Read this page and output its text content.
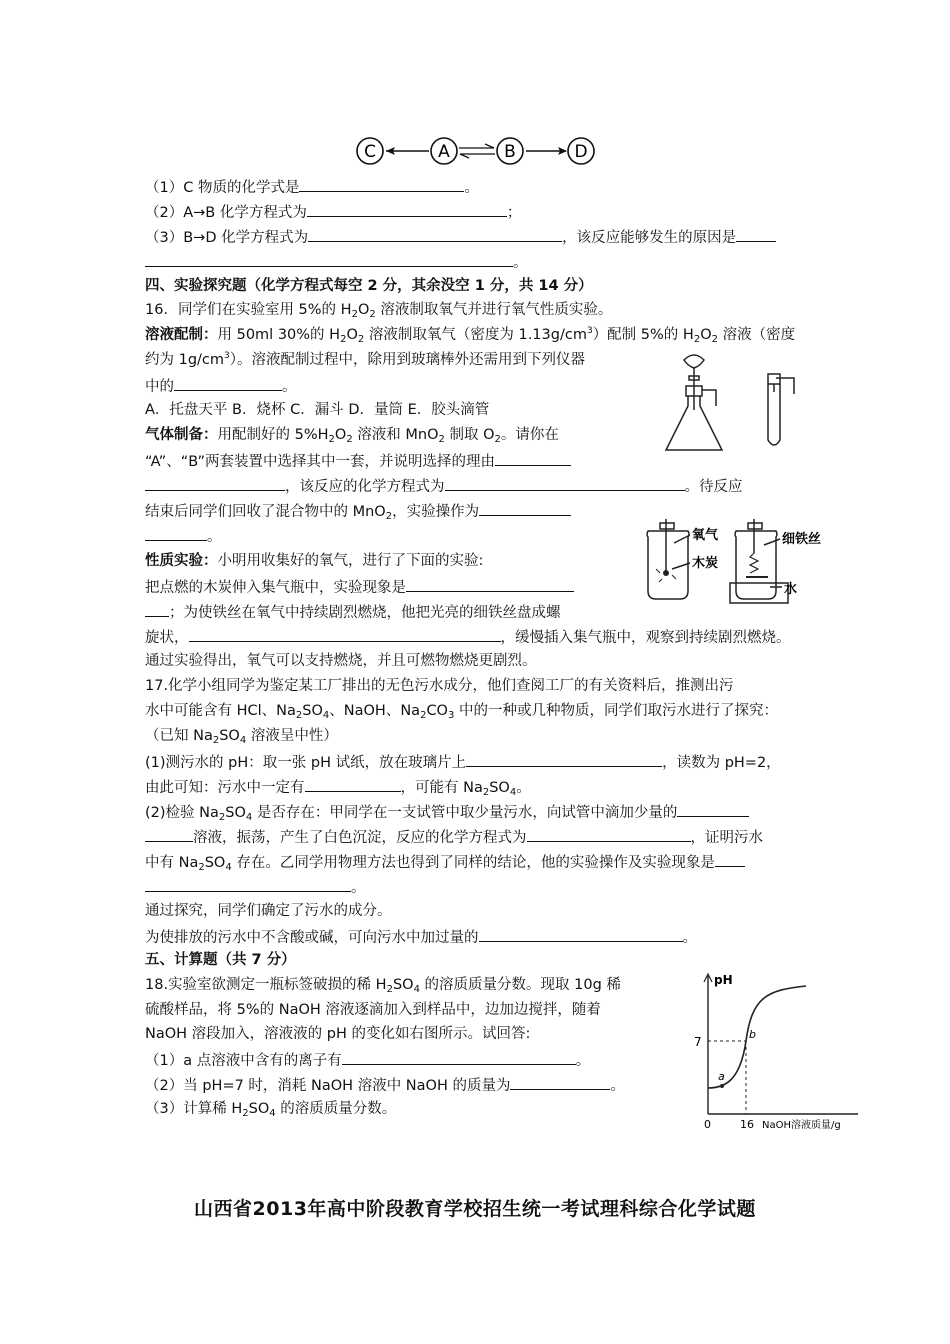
C	A	B	D
（1）C 物质的化学式是	。
（2）A→B 化学方程式为	；
（3）B→D 化学方程式为	，该反应能够发生的原因是
。
四、实验探究题（化学方程式每空 2 分，其余没空 1 分，共 14 分）
16．同学们在实验室用 5%的 $H_2O_2$ 溶液制取氧气并进行氧气性质实验。
溶液配制：用 50ml 30%的 $H_2O_2$ 溶液制取氧气（密度为 $1.13g/cm^3$）配制 5%的 $H_2O_2$ 溶液（密度
约为 $1g/cm^3$）。溶液配制过程中，除用到玻璃棒外还需用到下列仪器
中的	。
A．托盘天平 B．烧杯 C．漏斗 D．量筒 E．胶头滴管
气体制备：用配制好的 $5\%H_2O_2$ 溶液和 MnO$_2$ 制取 $O_2$。请你在
“A”、“B”两套装置中选择其中一套，并说明选择的理由
，该反应的化学方程式为	。待反应
结束后同学们回收了混合物中的 MnO$_2$，实验操作为
。
性质实验：小明用收集好的氧气，进行了下面的实验:
把点燃的木炭伸入集气瓶中，实验现象是
；为使铁丝在氧气中持续剧烈燃烧，他把光亮的细铁丝盘成螺
旋状，	，缓慢插入集气瓶中，观察到持续剧烈燃烧。
通过实验得出，氧气可以支持燃烧，并且可燃物燃烧更剧烈。
氧气
木炭
细铁丝
水
17.化学小组同学为鉴定某工厂排出的无色污水成分，他们查阅工厂的有关资料后，推测出污
水中可能含有 HCl、$Na_2SO_4$、NaOH、$Na_2CO_3$ 中的一种或几种物质，同学们取污水进行了探究：
（已知 $Na_2SO_4$ 溶液呈中性）
(1)测污水的 pH：取一张 pH 试纸，放在玻璃片上	，读数为 pH=2，
由此可知：污水中一定有	，可能有 $Na_2SO_4$。
(2)检验 $Na_2SO_4$ 是否存在：甲同学在一支试管中取少量污水，向试管中滴加少量的
溶液，振荡，产生了白色沉淀，反应的化学方程式为	，证明污水
中有 $Na_2SO_4$ 存在。乙同学用物理方法也得到了同样的结论，他的实验操作及实验现象是
。
通过探究，同学们确定了污水的成分。
为使排放的污水中不含酸或碱，可向污水中加过量的	。
五、计算题（共 7 分）
18.实验室欲测定一瓶标签破损的稀 $H_2SO_4$ 的溶质质量分数。现取 10g 稀
硫酸样品，将 5%的 NaOH 溶液逐滴加入到样品中，边加边搅拌，随着
NaOH 溶段加入，溶液液的 pH 的变化如右图所示。试回答:
（1）a 点溶液中含有的离子有	。
（2）当 pH=7 时，消耗 NaOH 溶液中 NaOH 的质量为	。
（3）计算稀 $H_2SO_4$ 的溶质质量分数。
pH
7
a
b
0	16 NaOH溶液质量/g
山西省2013年高中阶段教育学校招生统一考试理科综合化学试题
